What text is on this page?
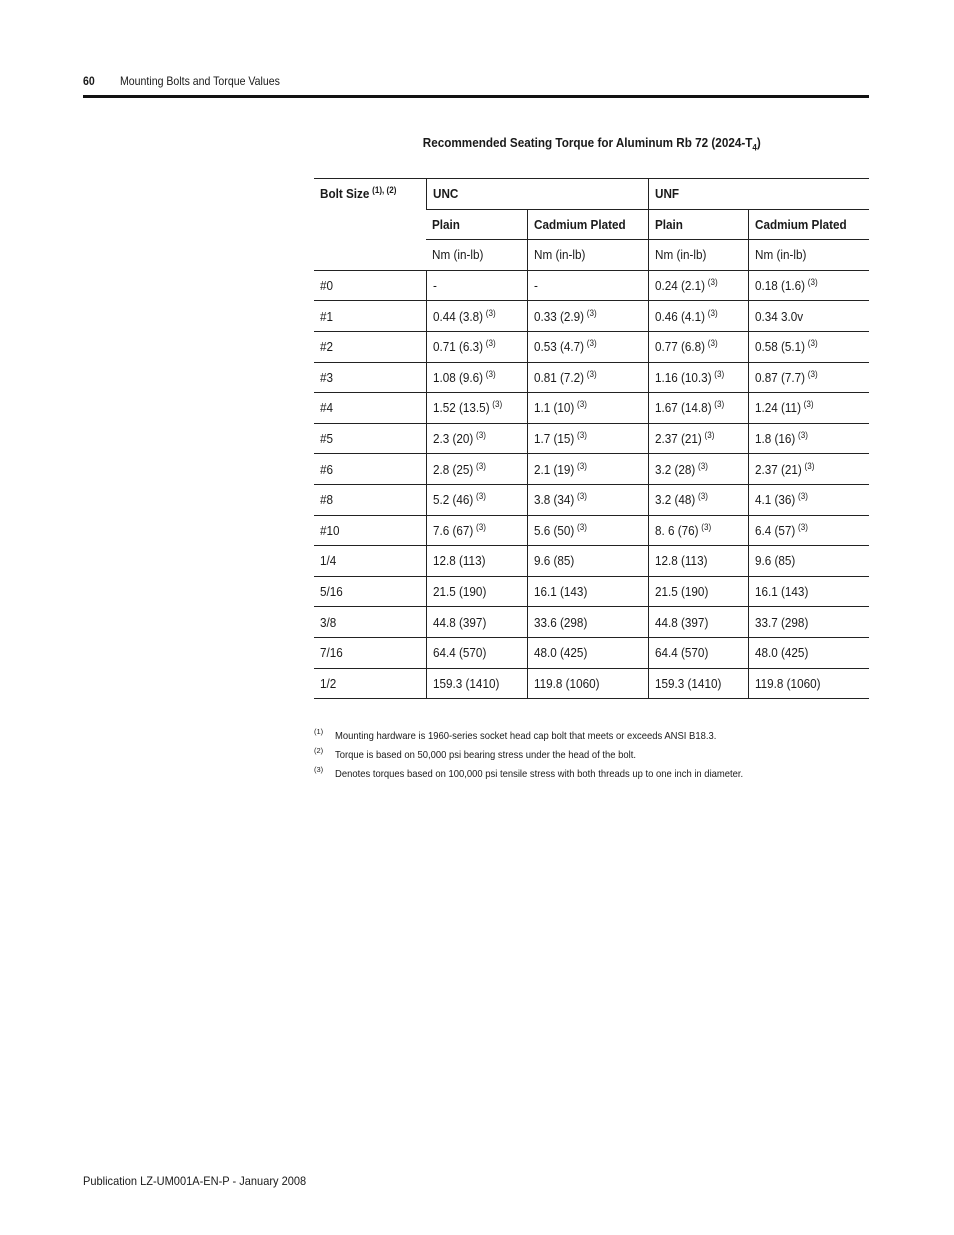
60 Mounting Bolts and Torque Values
Recommended Seating Torque for Aluminum Rb 72 $(2024-T_4)$
Bolt Size $^{(1), (2)}$	UNC		UNF	
	Plain	Cadmium Plated	Plain	Cadmium Plated
	Nm (in-lb)	Nm (in-lb)	Nm (in-lb)	Nm (in-lb)
#0	-	-	0.24 (2.1) $^{(3)}$	0.18 (1.6) $^{(3)}$
#1	0.44 (3.8) $^{(3)}$	0.33 (2.9) $^{(3)}$	0.46 (4.1) $^{(3)}$	0.34 3.0v
#2	0.71 (6.3) $^{(3)}$	0.53 (4.7) $^{(3)}$	0.77 (6.8) $^{(3)}$	0.58 (5.1) $^{(3)}$
#3	1.08 (9.6) $^{(3)}$	0.81 (7.2) $^{(3)}$	1.16 (10.3) $^{(3)}$	0.87 (7.7) $^{(3)}$
#4	1.52 (13.5) $^{(3)}$	1.1 (10) $^{(3)}$	1.67 (14.8) $^{(3)}$	1.24 (11) $^{(3)}$
#5	2.3 (20) $^{(3)}$	1.7 (15) $^{(3)}$	2.37 (21) $^{(3)}$	1.8 (16) $^{(3)}$
#6	2.8 (25) $^{(3)}$	2.1 (19) $^{(3)}$	3.2 (28) $^{(3)}$	2.37 (21) $^{(3)}$
#8	5.2 (46) $^{(3)}$	3.8 (34) $^{(3)}$	3.2 (48) $^{(3)}$	4.1 (36) $^{(3)}$
#10	7.6 (67) $^{(3)}$	5.6 (50) $^{(3)}$	8. 6 (76) $^{(3)}$	6.4 (57) $^{(3)}$
1/4	12.8 (113)	9.6 (85)	12.8 (113)	9.6 (85)
5/16	21.5 (190)	16.1 (143)	21.5 (190)	16.1 (143)
3/8	44.8 (397)	33.6 (298)	44.8 (397)	33.7 (298)
7/16	64.4 (570)	48.0 (425)	64.4 (570)	48.0 (425)
1/2	159.3 (1410)	119.8 (1060)	159.3 (1410)	119.8 (1060)
(1) Mounting hardware is 1960-series socket head cap bolt that meets or exceeds ANSI B18.3.
(2) Torque is based on 50,000 psi bearing stress under the head of the bolt.
(3) Denotes torques based on 100,000 psi tensile stress with both threads up to one inch in diameter.
Publication LZ-UM001A-EN-P - January 2008
